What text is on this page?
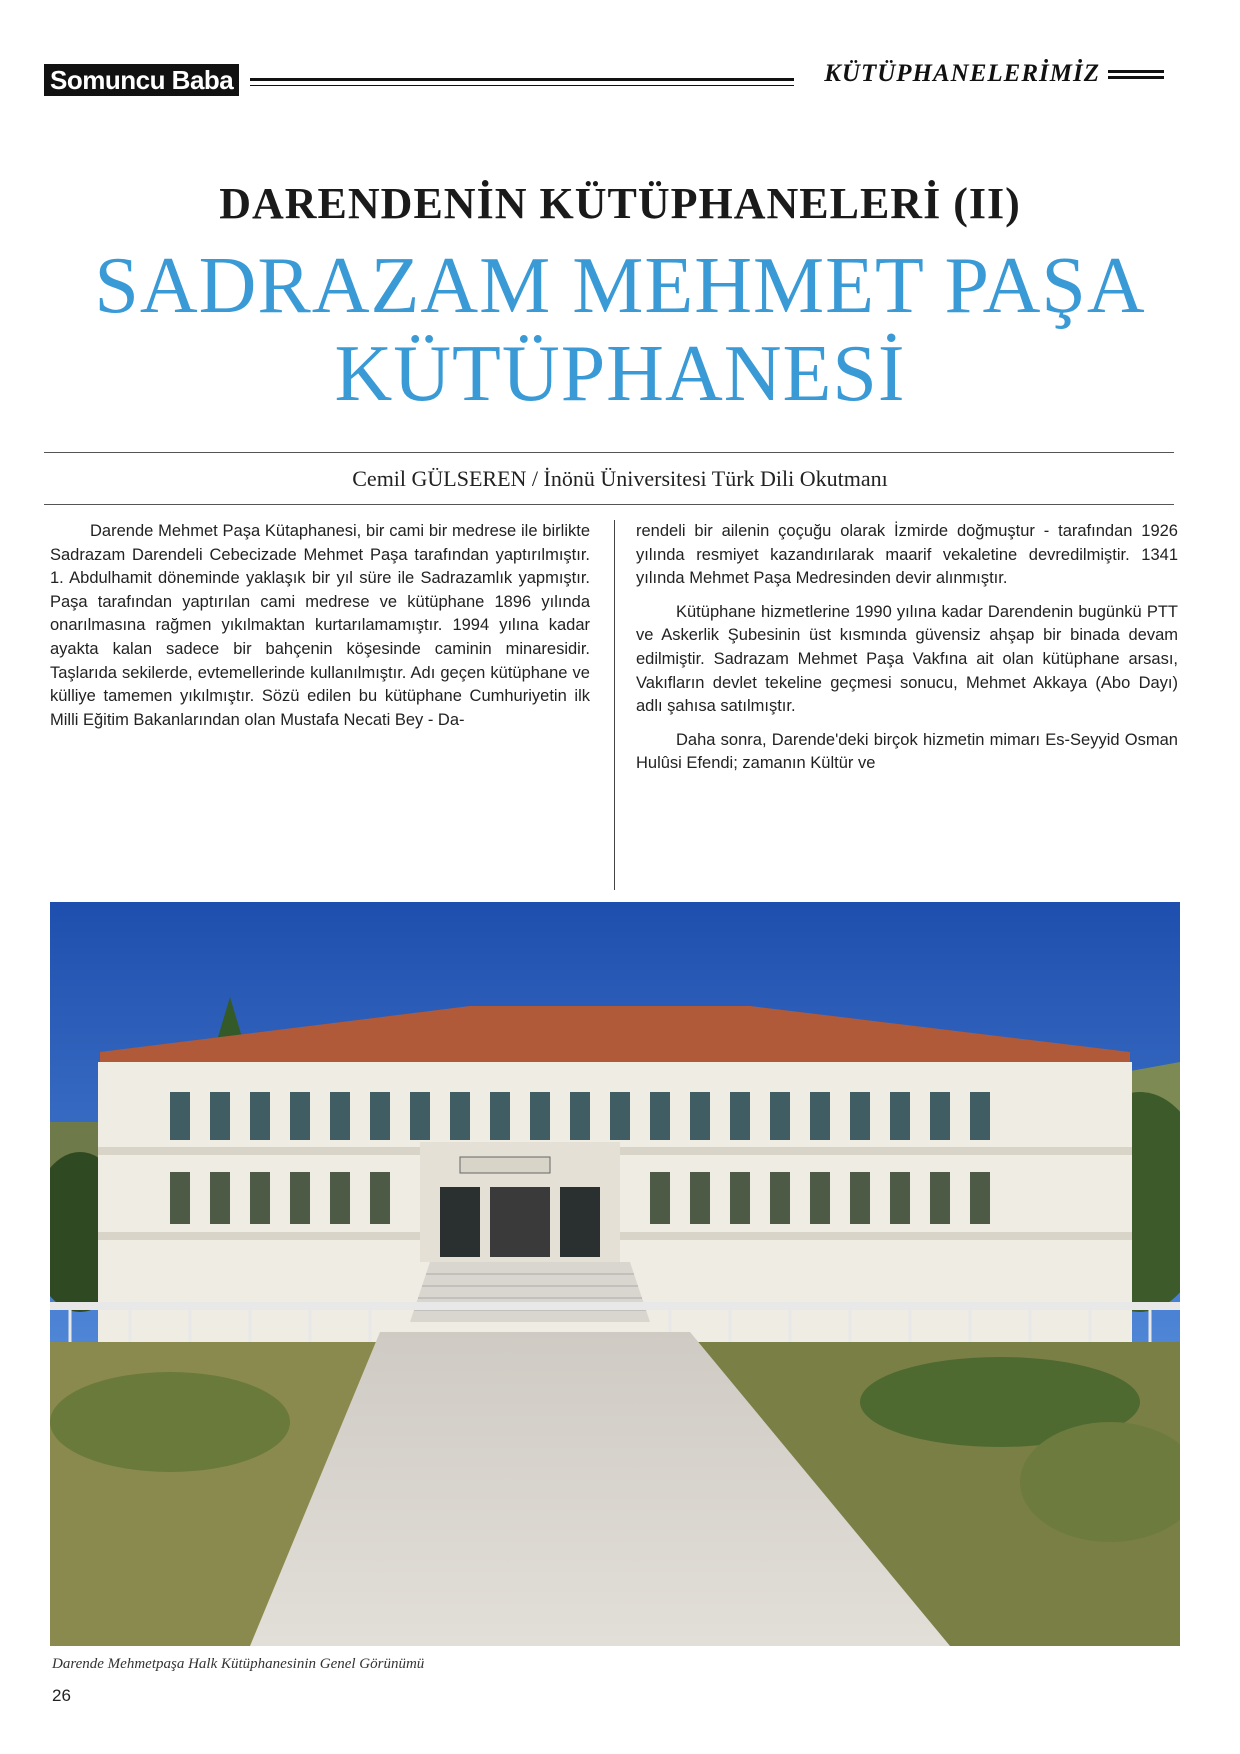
Somuncu Baba	KÜTÜPHANELERİMİZ
DARENDENİN KÜTÜPHANELERİ (II)
SADRAZAM MEHMET PAŞA
KÜTÜPHANESİ
Cemil GÜLSEREN / İnönü Üniversitesi Türk Dili Okutmanı

Darende Mehmet Paşa Kütaphanesi, bir cami bir medrese ile birlikte Sadrazam Darendeli Cebecizade Mehmet Paşa tarafından yaptırılmıştır. 1. Abdulhamit döneminde yaklaşık bir yıl süre ile Sadrazamlık yapmıştır. Paşa tarafından yaptırılan cami medrese ve kütüphane 1896 yılında onarılmasına rağmen yıkılmaktan kurtarılamamıştır. 1994 yılına kadar ayakta kalan sadece bir bahçenin köşesinde caminin minaresidir. Taşlarıda sekilerde, evtemellerinde kullanılmıştır. Adı geçen kütüphane ve külliye tamemen yıkılmıştır. Sözü edilen bu kütüphane Cumhuriyetin ilk Milli Eğitim Bakanlarından olan Mustafa Necati Bey - Da-

rendeli bir ailenin çoçuğu olarak İzmirde doğmuştur - tarafından 1926 yılında resmiyet kazandırılarak maarif vekaletine devredilmiştir. 1341 yılında Mehmet Paşa Medresinden devir alınmıştır.

Kütüphane hizmetlerine 1990 yılına kadar Darendenin bugünkü PTT ve Askerlik Şubesinin üst kısmında güvensiz ahşap bir binada devam edilmiştir. Sadrazam Mehmet Paşa Vakfına ait olan kütüphane arsası, Vakıfların devlet tekeline geçmesi sonucu, Mehmet Akkaya (Abo Dayı) adlı şahısa satılmıştır.

Daha sonra, Darende'deki birçok hizmetin mimarı Es-Seyyid Osman Hulûsi Efendi; zamanın Kültür ve

Darende Mehmetpaşa Halk Kütüphanesinin Genel Görünümü
26
